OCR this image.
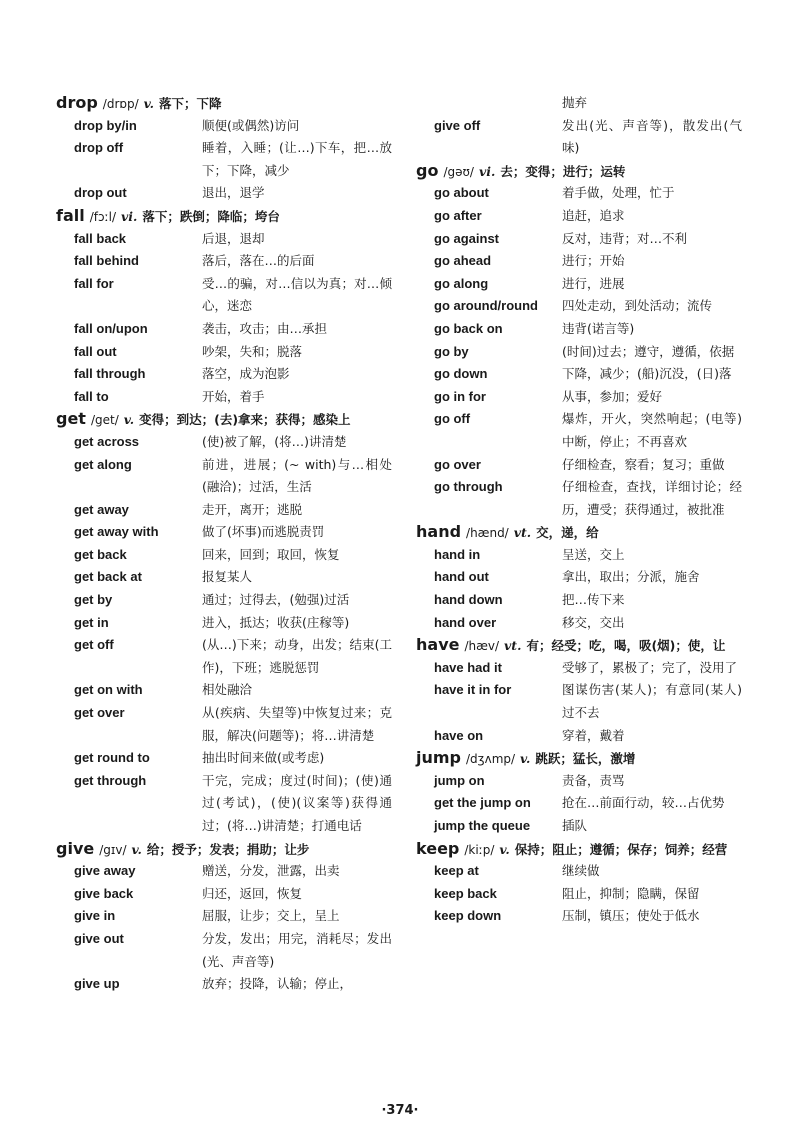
drop /drɒp/ v. 落下；下降
drop by/in	顺便(或偶然)访问
drop off	睡着，入睡；(让…)下车，把…放下；下降，减少
drop out	退出，退学
fall /fɔːl/ vi. 落下；跌倒；降临；垮台
fall back	后退，退却
fall behind	落后，落在…的后面
fall for	受…的骗，对…信以为真；对…倾心，迷恋
fall on/upon	袭击，攻击；由…承担
fall out	吵架，失和；脱落
fall through	落空，成为泡影
fall to	开始，着手
get /get/ v. 变得；到达；(去)拿来；获得；感染上
get across	(使)被了解，(将…)讲清楚
get along	前进，进展；(~ with)与…相处(融洽)；过活，生活
get away	走开，离开；逃脱
get away with	做了(坏事)而逃脱责罚
get back	回来，回到；取回，恢复
get back at	报复某人
get by	通过；过得去，(勉强)过活
get in	进入，抵达；收获(庄稼等)
get off	(从…)下来；动身，出发；结束(工作)，下班；逃脱惩罚
get on with	相处融洽
get over	从(疾病、失望等)中恢复过来；克服，解决(问题等)；将…讲清楚
get round to	抽出时间来做(或考虑)
get through	干完，完成；度过(时间)；(使)通过(考试)，(使)(议案等)获得通过；(将…)讲清楚；打通电话
give /gɪv/ v. 给；授予；发表；捐助；让步
give away	赠送，分发，泄露，出卖
give back	归还，返回，恢复
give in	屈服，让步；交上，呈上
give out	分发，发出；用完，消耗尽；发出(光、声音等)
give up	放弃；投降，认输；停止，
抛弃
give off	发出(光、声音等)，散发出(气味)
go /gəʊ/ vi. 去；变得；进行；运转
go about	着手做，处理，忙于
go after	追赶，追求
go against	反对，违背；对…不利
go ahead	进行；开始
go along	进行，进展
go around/round	四处走动，到处活动；流传
go back on	违背(诺言等)
go by	(时间)过去；遵守，遵循，依据
go down	下降，减少；(船)沉没，(日)落
go in for	从事，参加；爱好
go off	爆炸，开火，突然响起；(电等)中断，停止；不再喜欢
go over	仔细检查，察看；复习；重做
go through	仔细检查，查找，详细讨论；经历，遭受；获得通过，被批准
hand /hænd/ vt. 交，递，给
hand in	呈送，交上
hand out	拿出，取出；分派，施舍
hand down	把…传下来
hand over	移交，交出
have /hæv/ vt. 有；经受；吃，喝，吸(烟)；使，让
have had it	受够了，累极了；完了，没用了
have it in for	图谋伤害(某人)；有意同(某人)过不去
have on	穿着，戴着
jump /dʒʌmp/ v. 跳跃；猛长，激增
jump on	责备，责骂
get the jump on	抢在…前面行动，较…占优势
jump the queue	插队
keep /kiːp/ v. 保持；阻止；遵循；保存；饲养；经营
keep at	继续做
keep back	阻止，抑制；隐瞒，保留
keep down	压制，镇压；使处于低水
·374·
